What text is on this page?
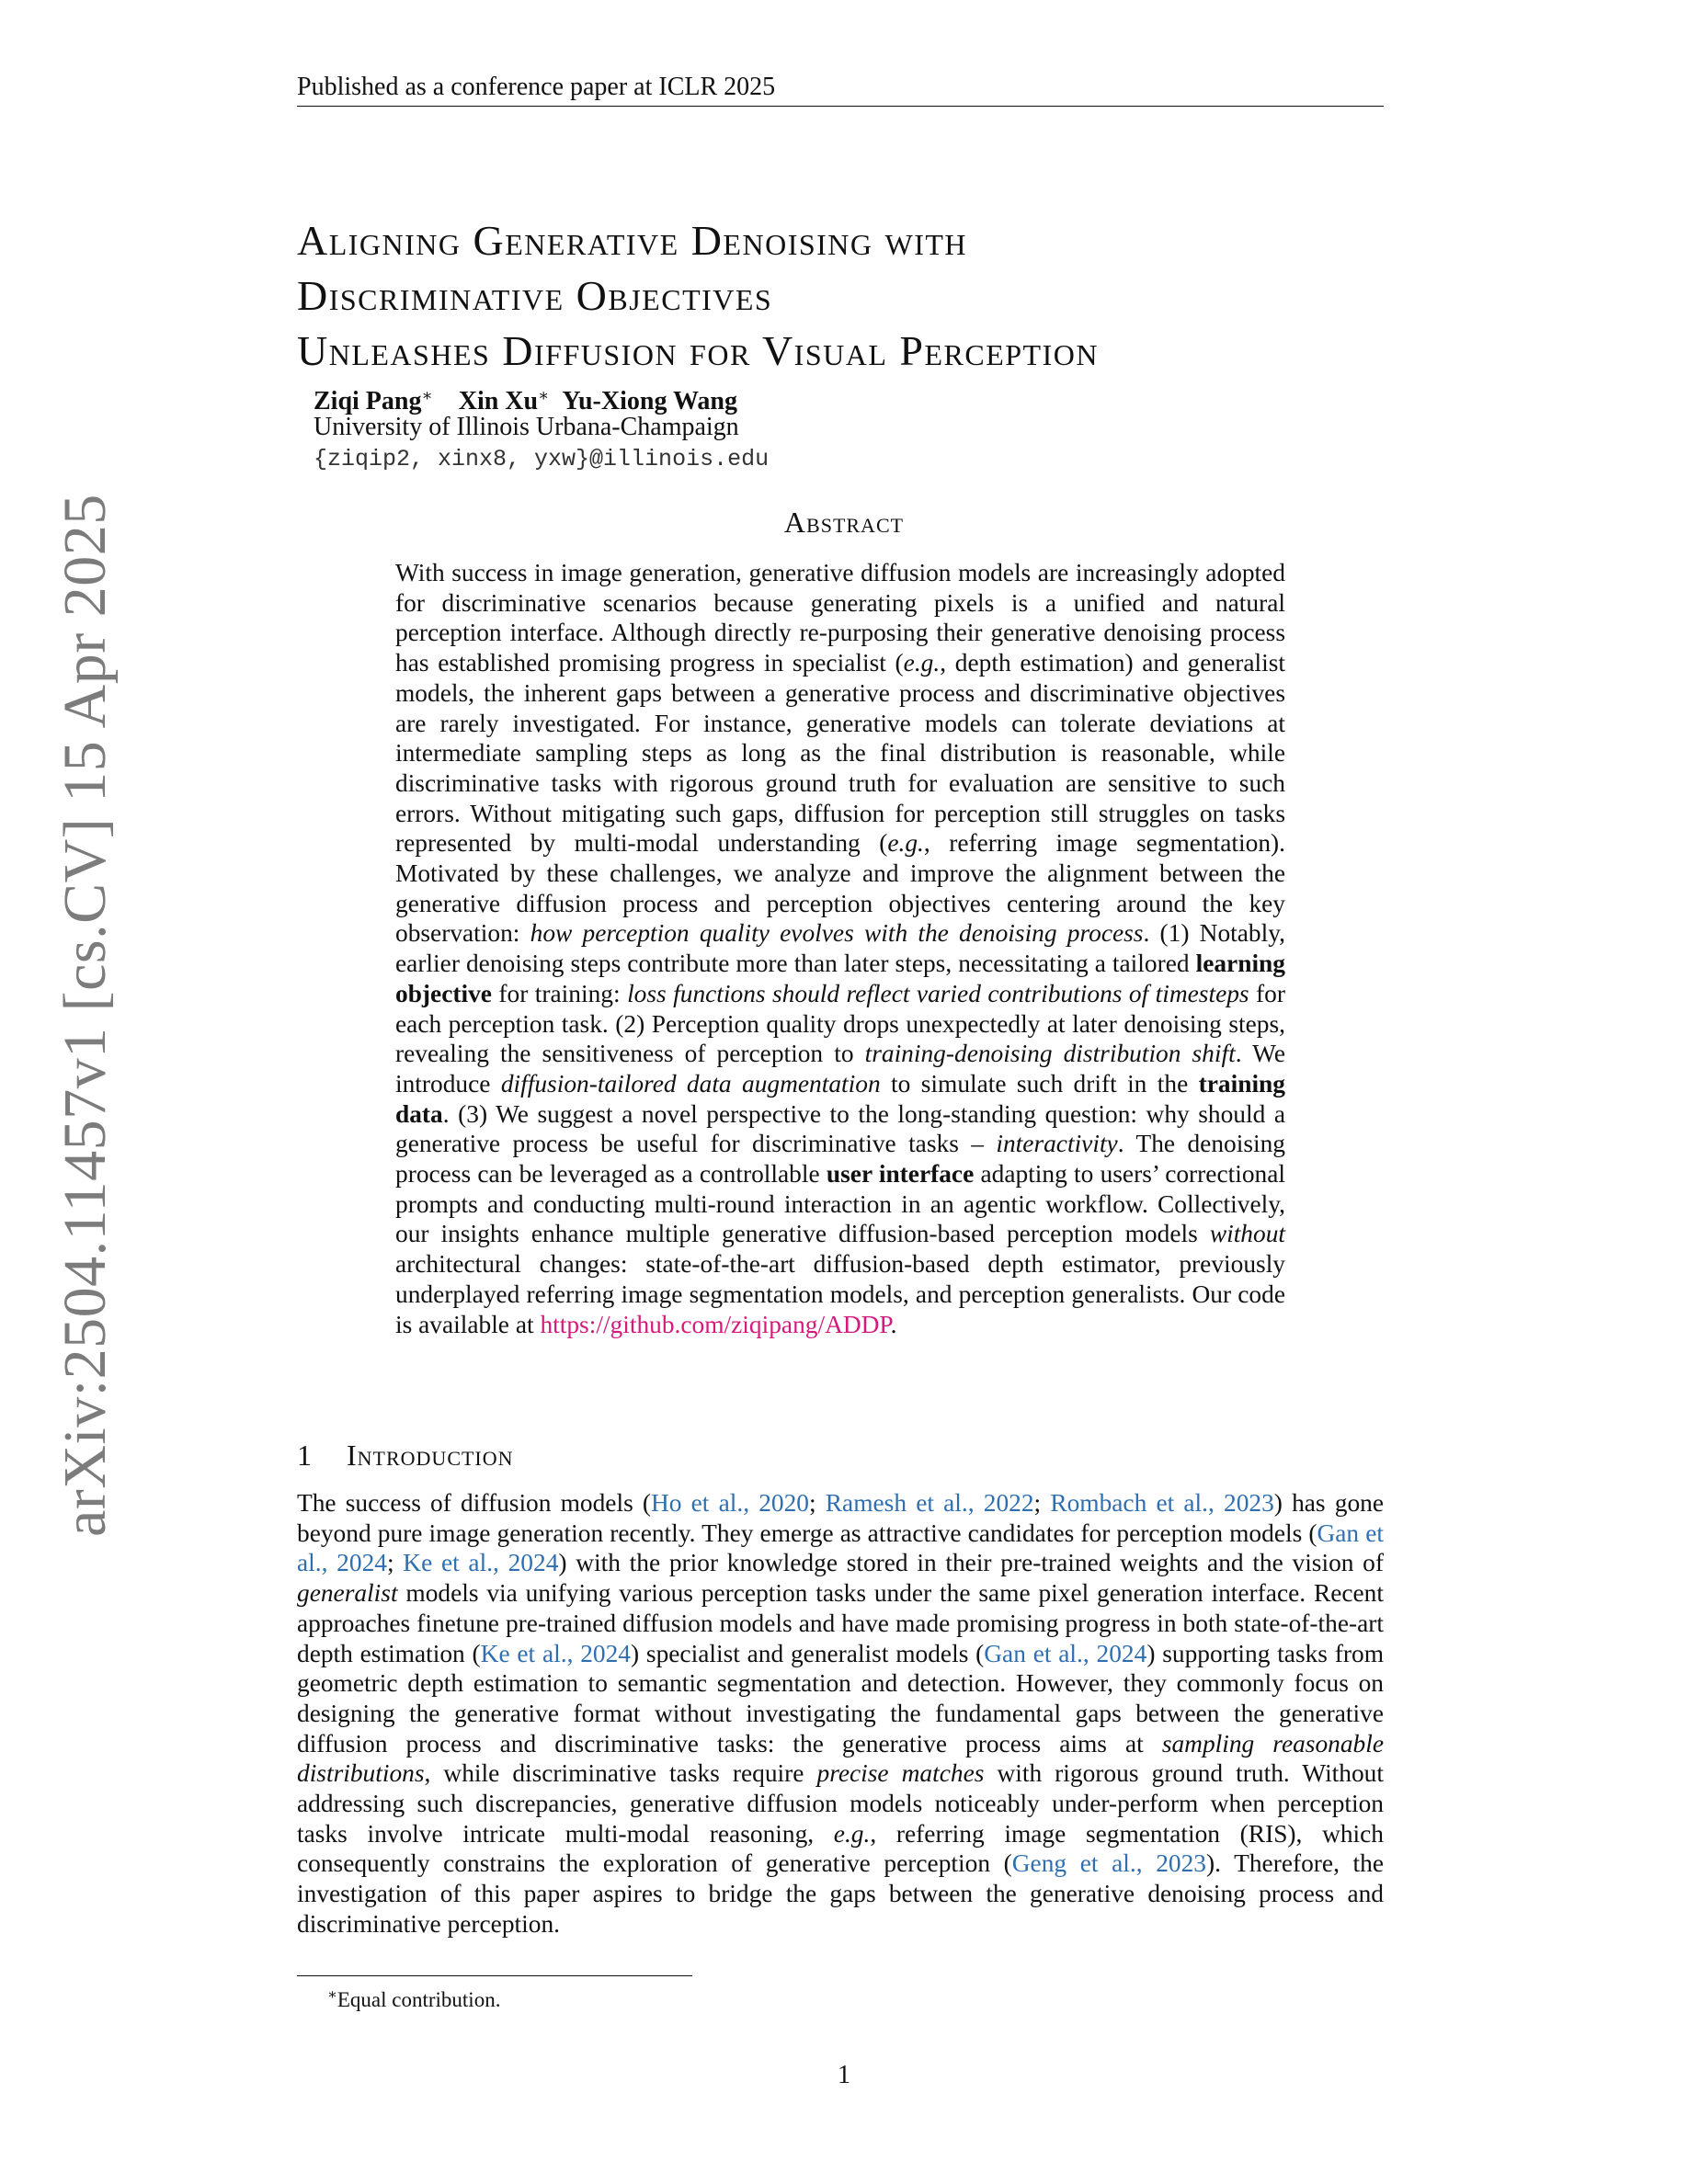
Published as a conference paper at ICLR 2025
arXiv:2504.11457v1 [cs.CV] 15 Apr 2025
Aligning Generative Denoising with
Discriminative Objectives
Unleashes Diffusion for Visual Perception
Ziqi Pang∗ Xin Xu∗ Yu-Xiong Wang
University of Illinois Urbana-Champaign
{ziqip2, xinx8, yxw}@illinois.edu
Abstract

With success in image generation, generative diffusion models are increasingly adopted for discriminative scenarios because generating pixels is a unified and natural perception interface. Although directly re-purposing their generative denoising process has established promising progress in specialist (e.g., depth estimation) and generalist models, the inherent gaps between a generative process and discriminative objectives are rarely investigated. For instance, generative models can tolerate deviations at intermediate sampling steps as long as the final distribution is reasonable, while discriminative tasks with rigorous ground truth for evaluation are sensitive to such errors. Without mitigating such gaps, diffusion for perception still struggles on tasks represented by multi-modal understanding (e.g., referring image segmentation). Motivated by these challenges, we analyze and improve the alignment between the generative diffusion process and perception objectives centering around the key observation: how perception quality evolves with the denoising process. (1) Notably, earlier denoising steps contribute more than later steps, necessitating a tailored learning objective for training: loss functions should reflect varied contributions of timesteps for each perception task. (2) Perception quality drops unexpectedly at later denoising steps, revealing the sensitiveness of perception to training-denoising distribution shift. We introduce diffusion-tailored data augmentation to simulate such drift in the training data. (3) We suggest a novel perspective to the long-standing question: why should a generative process be useful for discriminative tasks – interactivity. The denoising process can be leveraged as a controllable user interface adapting to users’ correctional prompts and conducting multi-round interaction in an agentic workflow. Collectively, our insights enhance multiple generative diffusion-based perception models without architectural changes: state-of-the-art diffusion-based depth estimator, previously underplayed referring image segmentation models, and perception generalists. Our code is available at https://github.com/ziqipang/ADDP.

1 Introduction

The success of diffusion models (Ho et al., 2020; Ramesh et al., 2022; Rombach et al., 2023) has gone beyond pure image generation recently. They emerge as attractive candidates for perception models (Gan et al., 2024; Ke et al., 2024) with the prior knowledge stored in their pre-trained weights and the vision of generalist models via unifying various perception tasks under the same pixel generation interface. Recent approaches finetune pre-trained diffusion models and have made promising progress in both state-of-the-art depth estimation (Ke et al., 2024) specialist and generalist models (Gan et al., 2024) supporting tasks from geometric depth estimation to semantic segmentation and detection. However, they commonly focus on designing the generative format without investigating the fundamental gaps between the generative diffusion process and discriminative tasks: the generative process aims at sampling reasonable distributions, while discriminative tasks require precise matches with rigorous ground truth. Without addressing such discrepancies, generative diffusion models noticeably under-perform when perception tasks involve intricate multi-modal reasoning, e.g., referring image segmentation (RIS), which consequently constrains the exploration of generative perception (Geng et al., 2023). Therefore, the investigation of this paper aspires to bridge the gaps between the generative denoising process and discriminative perception.

∗Equal contribution.
1
